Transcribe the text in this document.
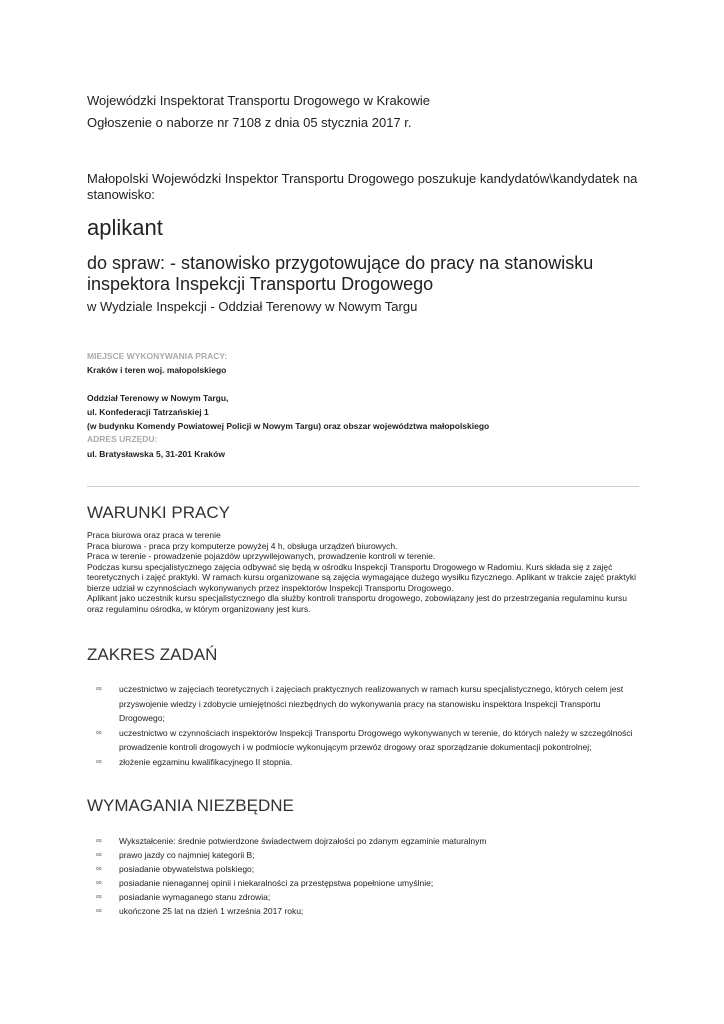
Wojewódzki Inspektorat Transportu Drogowego w Krakowie
Ogłoszenie o naborze nr 7108 z dnia 05 stycznia 2017 r.
Małopolski Wojewódzki Inspektor Transportu Drogowego poszukuje kandydatów\kandydatek na stanowisko:
aplikant
do spraw: - stanowisko przygotowujące do pracy na stanowisku inspektora Inspekcji Transportu Drogowego
w Wydziale Inspekcji - Oddział Terenowy w Nowym Targu
MIEJSCE WYKONYWANIA PRACY:
Kraków i teren woj. małopolskiego
Oddział Terenowy w Nowym Targu,
ul. Konfederacji Tatrzańskiej 1
(w budynku Komendy Powiatowej Policji w Nowym Targu) oraz obszar województwa małopolskiego
ADRES URZĘDU:
ul. Bratysławska 5, 31-201 Kraków
WARUNKI PRACY
Praca biurowa oraz praca w terenie
Praca biurowa - praca przy komputerze powyżej 4 h, obsługa urządzeń biurowych.
Praca w terenie - prowadzenie pojazdów uprzywilejowanych, prowadzenie kontroli w terenie.
Podczas kursu specjalistycznego zajęcia odbywać się będą w ośrodku Inspekcji Transportu Drogowego w Radomiu. Kurs składa się z zajęć teoretycznych i zajęć praktyki. W ramach kursu organizowane są zajęcia wymagające dużego wysiłku fizycznego. Aplikant w trakcie zajęć praktyki bierze udział w czynnościach wykonywanych przez inspektorów Inspekcji Transportu Drogowego.
Aplikant jako uczestnik kursu specjalistycznego dla służby kontroli transportu drogowego, zobowiązany jest do przestrzegania regulaminu kursu oraz regulaminu ośrodka, w którym organizowany jest kurs.
ZAKRES ZADAŃ
∞ uczestnictwo w zajęciach teoretycznych i zajęciach praktycznych realizowanych w ramach kursu specjalistycznego, których celem jest przyswojenie wiedzy i zdobycie umiejętności niezbędnych do wykonywania pracy na stanowisku inspektora Inspekcji Transportu Drogowego;
∞ uczestnictwo w czynnościach inspektorów Inspekcji Transportu Drogowego wykonywanych w terenie, do których należy w szczególności prowadzenie kontroli drogowych i w podmiocie wykonującym przewóz drogowy oraz sporządzanie dokumentacji pokontrolnej;
∞ złożenie egzaminu kwalifikacyjnego II stopnia.
WYMAGANIA NIEZBĘDNE
∞ Wykształcenie: średnie potwierdzone świadectwem dojrzałości po zdanym egzaminie maturalnym
∞ prawo jazdy co najmniej kategorii B;
∞ posiadanie obywatelstwa polskiego;
∞ posiadanie nienagannej opinii i niekaralności za przestępstwa popełnione umyślnie;
∞ posiadanie wymaganego stanu zdrowia;
∞ ukończone 25 lat na dzień 1 września 2017 roku;
